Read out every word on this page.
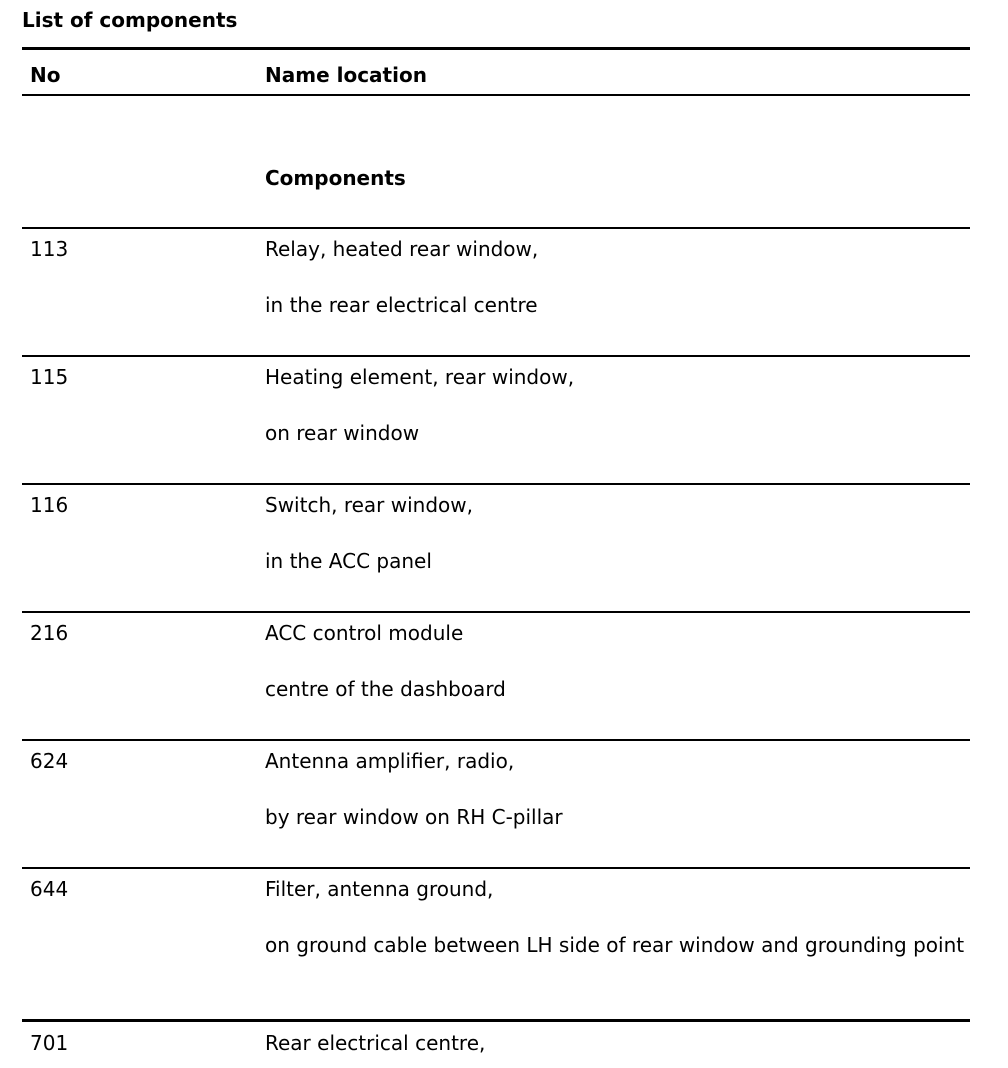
List of components
No	Name location
Components
113	Relay, heated rear window,
in the rear electrical centre
115	Heating element, rear window,
on rear window
116	Switch, rear window,
in the ACC panel
216	ACC control module
centre of the dashboard
624	Antenna amplifier, radio,
by rear window on RH C-pillar
644	Filter, antenna ground,
on ground cable between LH side of rear window and grounding point
701	Rear electrical centre,
